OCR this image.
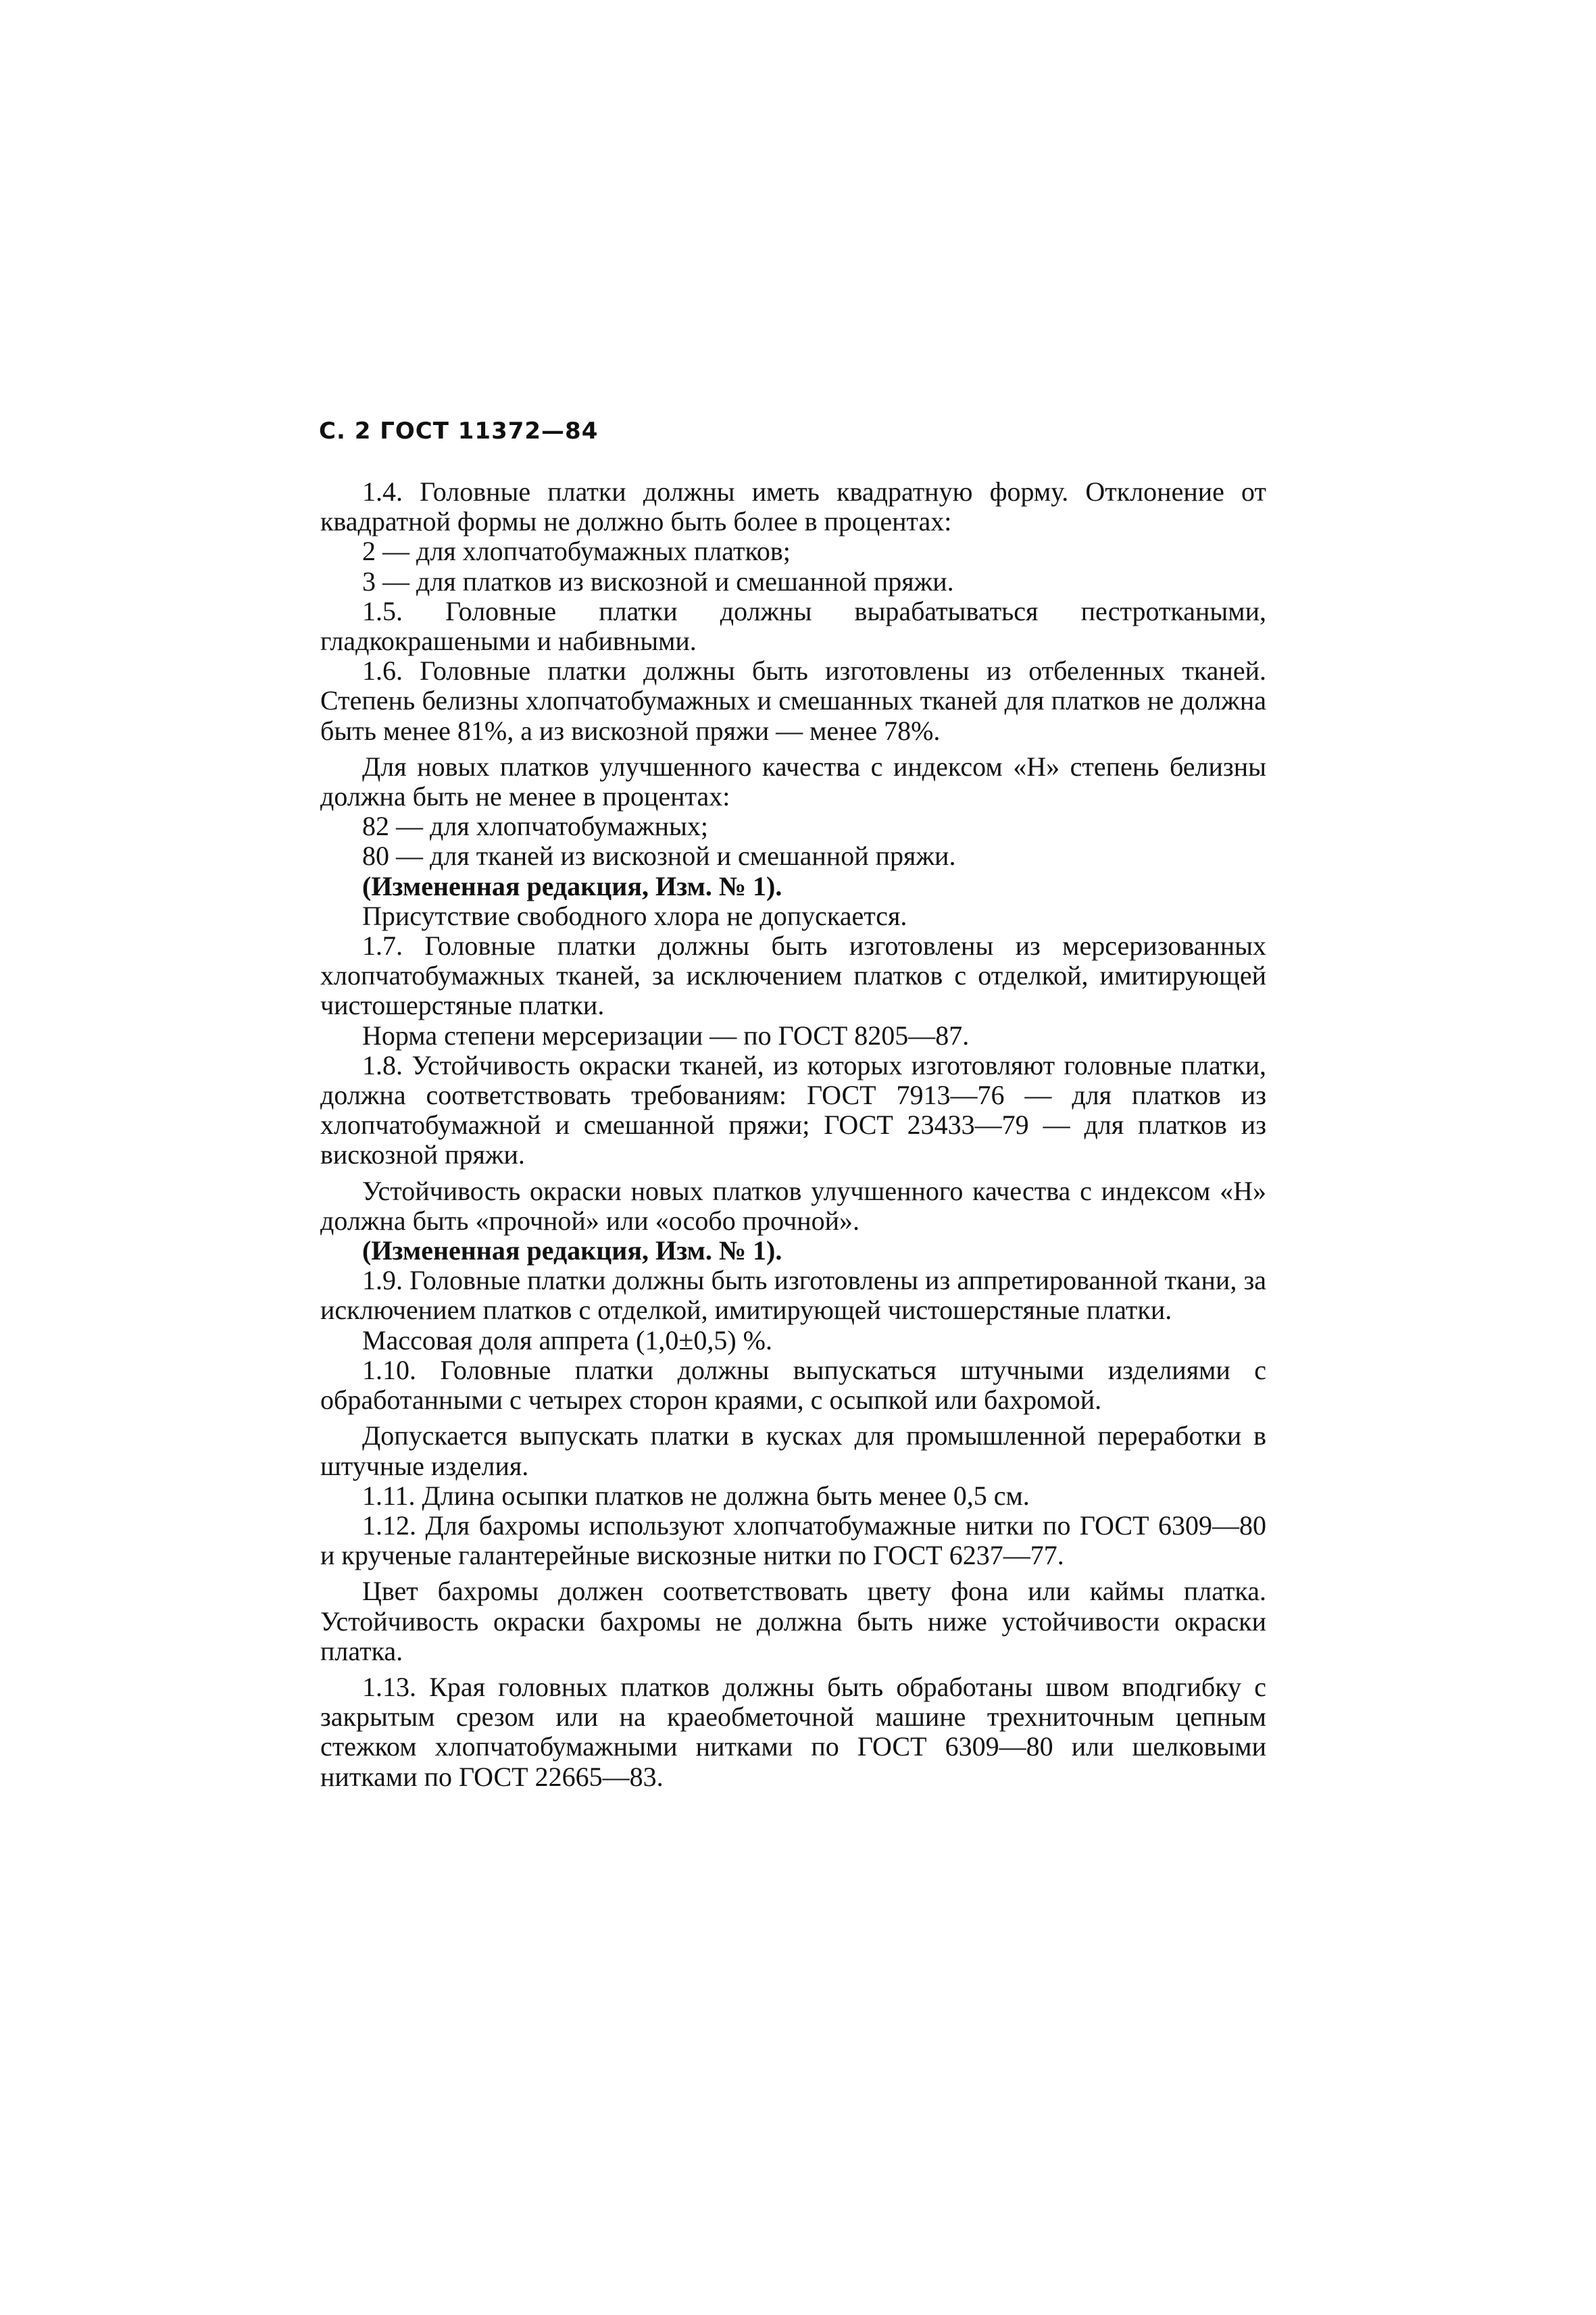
С. 2 ГОСТ 11372—84

1.4. Головные платки должны иметь квадратную форму. Отклонение от квадратной формы не должно быть более в процентах:

2 — для хлопчатобумажных платков;

3 — для платков из вискозной и смешанной пряжи.

1.5. Головные платки должны вырабатываться пестроткаными, гладкокрашеными и набивными.

1.6. Головные платки должны быть изготовлены из отбеленных тканей. Степень белизны хлопчатобумажных и смешанных тканей для платков не должна быть менее 81%, а из вискозной пряжи — менее 78%.

Для новых платков улучшенного качества с индексом «Н» степень белизны должна быть не менее в процентах:

82 — для хлопчатобумажных;

80 — для тканей из вискозной и смешанной пряжи.

(Измененная редакция, Изм. № 1).

Присутствие свободного хлора не допускается.

1.7. Головные платки должны быть изготовлены из мерсеризованных хлопчатобумажных тканей, за исключением платков с отделкой, имитирующей чистошерстяные платки.

Норма степени мерсеризации — по ГОСТ 8205—87.

1.8. Устойчивость окраски тканей, из которых изготовляют головные платки, должна соответствовать требованиям: ГОСТ 7913—76 — для платков из хлопчатобумажной и смешанной пряжи; ГОСТ 23433—79 — для платков из вискозной пряжи.

Устойчивость окраски новых платков улучшенного качества с индексом «Н» должна быть «прочной» или «особо прочной».

(Измененная редакция, Изм. № 1).

1.9. Головные платки должны быть изготовлены из аппретированной ткани, за исключением платков с отделкой, имитирующей чистошерстяные платки.

Массовая доля аппрета (1,0±0,5) %.

1.10. Головные платки должны выпускаться штучными изделиями с обработанными с четырех сторон краями, с осыпкой или бахромой.

Допускается выпускать платки в кусках для промышленной переработки в штучные изделия.

1.11. Длина осыпки платков не должна быть менее 0,5 см.

1.12. Для бахромы используют хлопчатобумажные нитки по ГОСТ 6309—80 и крученые галантерейные вискозные нитки по ГОСТ 6237—77.

Цвет бахромы должен соответствовать цвету фона или каймы платка. Устойчивость окраски бахромы не должна быть ниже устойчивости окраски платка.

1.13. Края головных платков должны быть обработаны швом вподгибку с закрытым срезом или на краеобметочной машине трехниточным цепным стежком хлопчатобумажными нитками по ГОСТ 6309—80 или шелковыми нитками по ГОСТ 22665—83.
